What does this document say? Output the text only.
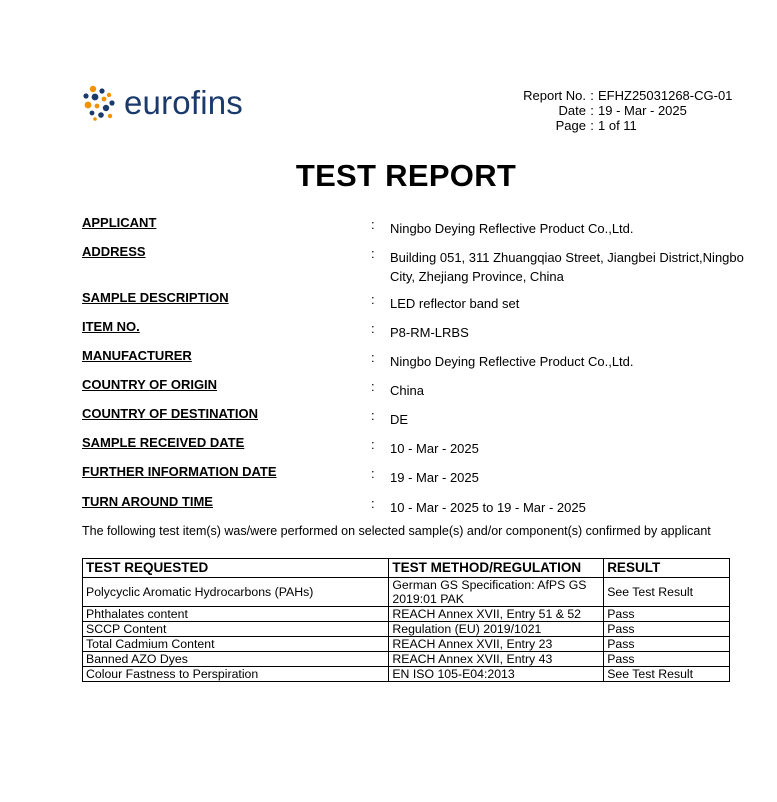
eurofins	Report No. : EFHZ25031268-CG-01
Date : 19 - Mar - 2025
Page : 1 of 11
TEST REPORT
APPLICANT	: Ningbo Deying Reflective Product Co.,Ltd.
ADDRESS	: Building 051, 311 Zhuangqiao Street, Jiangbei District,Ningbo City, Zhejiang Province, China
SAMPLE DESCRIPTION	: LED reflector band set
ITEM NO.	: P8-RM-LRBS
MANUFACTURER	: Ningbo Deying Reflective Product Co.,Ltd.
COUNTRY OF ORIGIN	: China
COUNTRY OF DESTINATION	: DE
SAMPLE RECEIVED DATE	: 10 - Mar - 2025
FURTHER INFORMATION DATE	: 19 - Mar - 2025
TURN AROUND TIME	: 10 - Mar - 2025 to 19 - Mar - 2025
The following test item(s) was/were performed on selected sample(s) and/or component(s) confirmed by applicant
TEST REQUESTED	TEST METHOD/REGULATION	RESULT
Polycyclic Aromatic Hydrocarbons (PAHs)	German GS Specification: AfPS GS 2019:01 PAK	See Test Result
Phthalates content	REACH Annex XVII, Entry 51 & 52	Pass
SCCP Content	Regulation (EU) 2019/1021	Pass
Total Cadmium Content	REACH Annex XVII, Entry 23	Pass
Banned AZO Dyes	REACH Annex XVII, Entry 43	Pass
Colour Fastness to Perspiration	EN ISO 105-E04:2013	See Test Result
